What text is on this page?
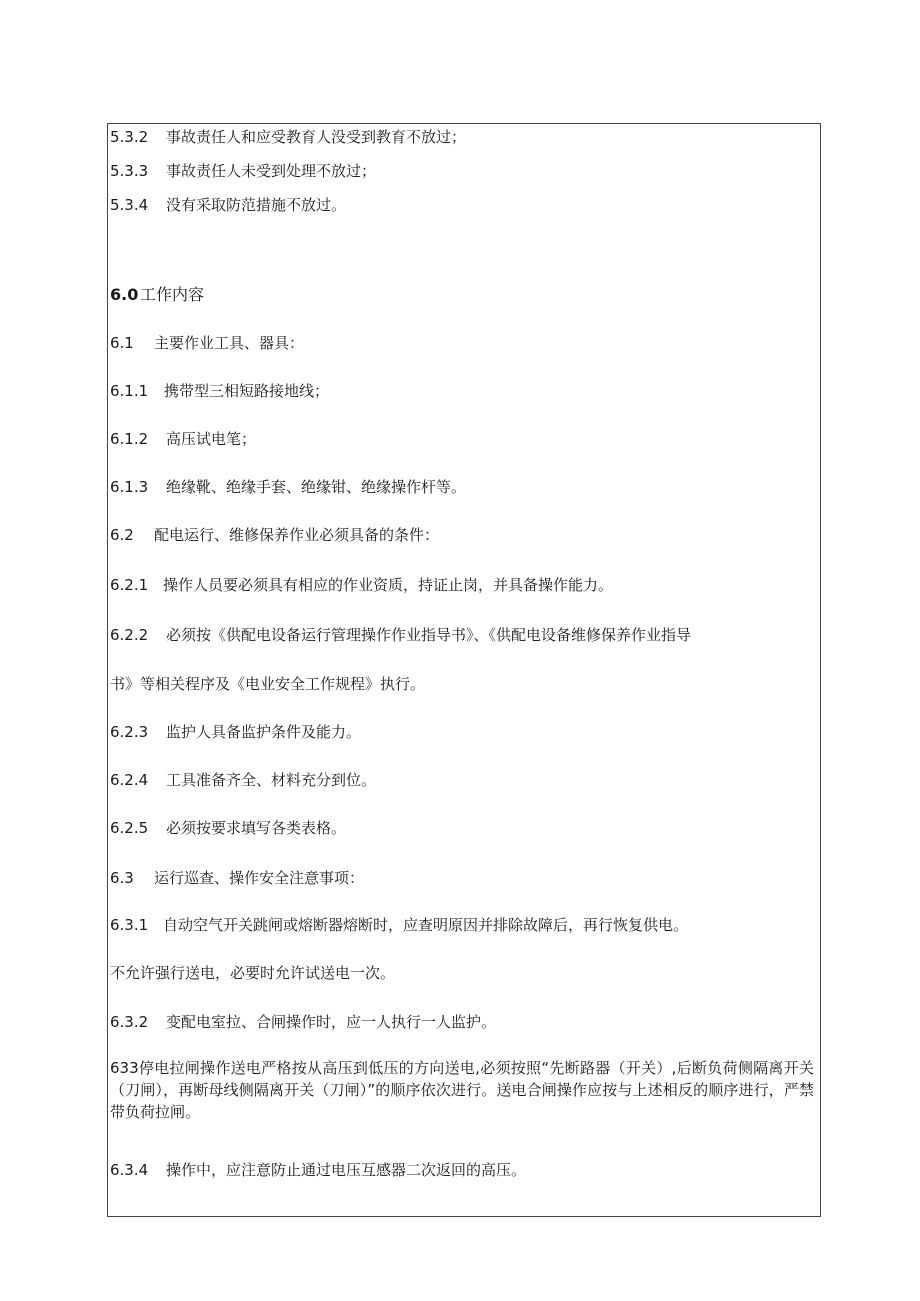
5.3.2 事故责任人和应受教育人没受到教育不放过；
5.3.3 事故责任人未受到处理不放过；
5.3.4 没有采取防范措施不放过。
6.0 工作内容
6.1 主要作业工具、器具：
6.1.1 携带型三相短路接地线；
6.1.2 高压试电笔；
6.1.3 绝缘靴、绝缘手套、绝缘钳、绝缘操作杆等。
6.2 配电运行、维修保养作业必须具备的条件：
6.2.1 操作人员要必须具有相应的作业资质，持证止岗，并具备操作能力。
6.2.2 必须按《供配电设备运行管理操作作业指导书》、《供配电设备维修保养作业指导
书》等相关程序及《电业安全工作规程》执行。
6.2.3 监护人具备监护条件及能力。
6.2.4 工具准备齐全、材料充分到位。
6.2.5 必须按要求填写各类表格。
6.3 运行巡查、操作安全注意事项：
6.3.1 自动空气开关跳闸或熔断器熔断时，应查明原因并排除故障后，再行恢复供电。
不允许强行送电，必要时允许试送电一次。
6.3.2 变配电室拉、合闸操作时，应一人执行一人监护。
633停电拉闸操作送电严格按从高压到低压的方向送电,必须按照“先断路器（开关）,后断负荷侧隔离开关（刀闸），再断母线侧隔离开关（刀闸）”的顺序依次进行。送电合闸操作应按与上述相反的顺序进行，严禁带负荷拉闸。
6.3.4 操作中，应注意防止通过电压互感器二次返回的高压。
